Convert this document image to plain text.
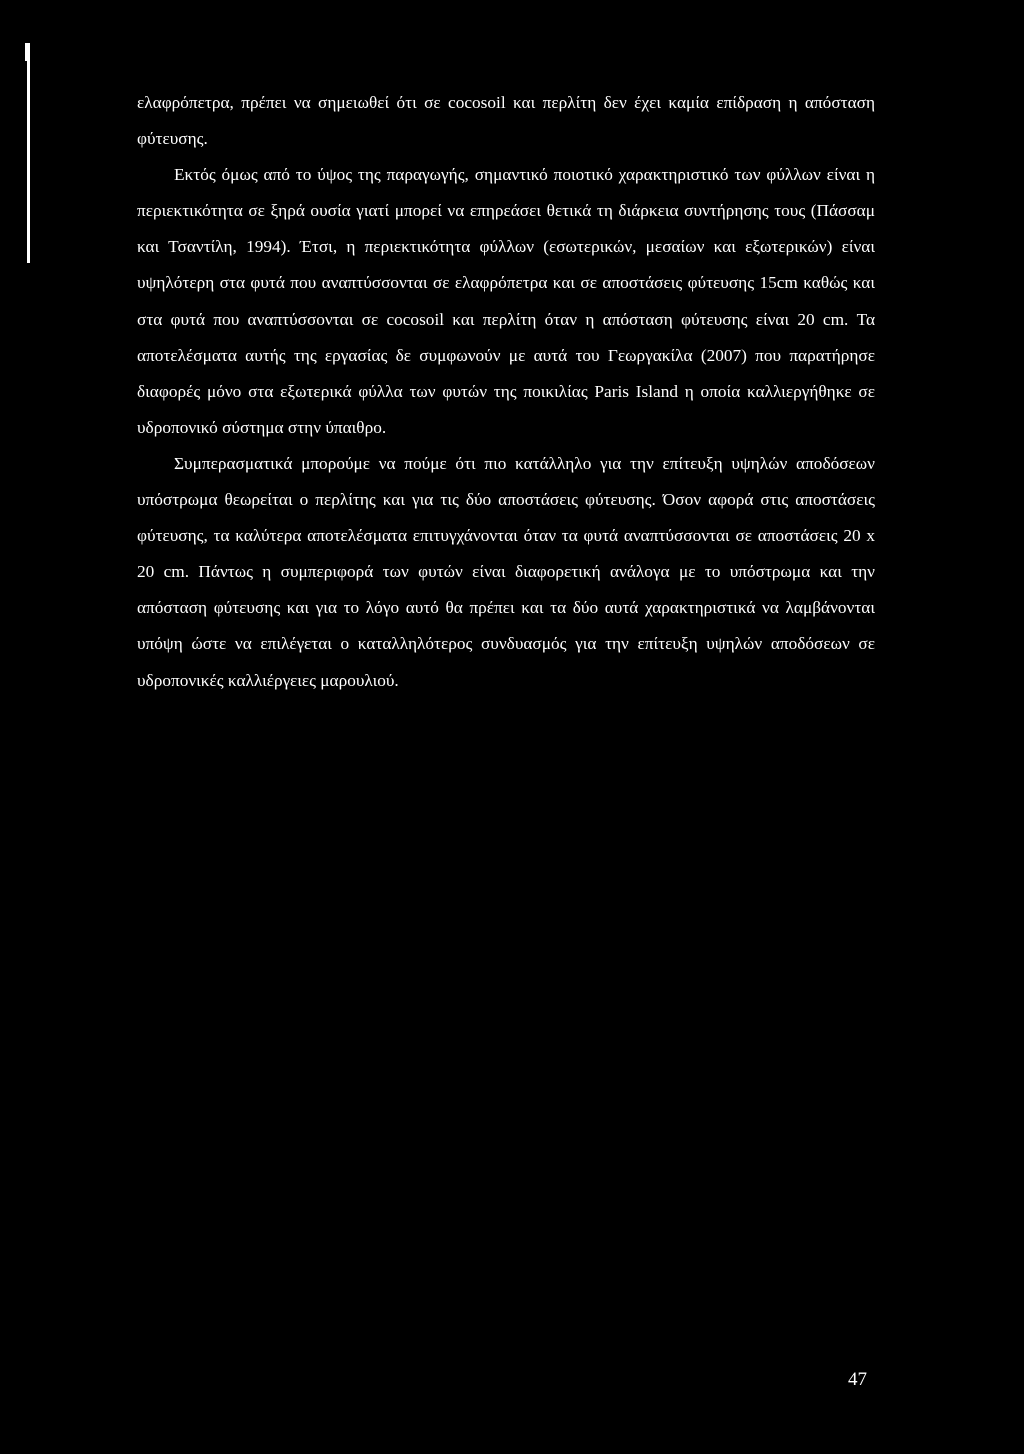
ελαφρόπετρα, πρέπει να σημειωθεί ότι σε cocosoil και περλίτη δεν έχει καμία επίδραση η απόσταση φύτευσης.

Εκτός όμως από το ύψος της παραγωγής, σημαντικό ποιοτικό χαρακτηριστικό των φύλλων είναι η περιεκτικότητα σε ξηρά ουσία γιατί μπορεί να επηρεάσει θετικά τη διάρκεια συντήρησης τους (Πάσσαμ και Τσαντίλη, 1994). Έτσι, η περιεκτικότητα φύλλων (εσωτερικών, μεσαίων και εξωτερικών) είναι υψηλότερη στα φυτά που αναπτύσσονται σε ελαφρόπετρα και σε αποστάσεις φύτευσης 15cm καθώς και στα φυτά που αναπτύσσονται σε cocosoil και περλίτη όταν η απόσταση φύτευσης είναι 20 cm. Τα αποτελέσματα αυτής της εργασίας δε συμφωνούν με αυτά του Γεωργακίλα (2007) που παρατήρησε διαφορές μόνο στα εξωτερικά φύλλα των φυτών της ποικιλίας Paris Island η οποία καλλιεργήθηκε σε υδροπονικό σύστημα στην ύπαιθρο.

Συμπερασματικά μπορούμε να πούμε ότι πιο κατάλληλο για την επίτευξη υψηλών αποδόσεων υπόστρωμα θεωρείται ο περλίτης και για τις δύο αποστάσεις φύτευσης. Όσον αφορά στις αποστάσεις φύτευσης, τα καλύτερα αποτελέσματα επιτυγχάνονται όταν τα φυτά αναπτύσσονται σε αποστάσεις 20 x 20 cm. Πάντως η συμπεριφορά των φυτών είναι διαφορετική ανάλογα με το υπόστρωμα και την απόσταση φύτευσης και για το λόγο αυτό θα πρέπει και τα δύο αυτά χαρακτηριστικά να λαμβάνονται υπόψη ώστε να επιλέγεται ο καταλληλότερος συνδυασμός για την επίτευξη υψηλών αποδόσεων σε υδροπονικές καλλιέργειες μαρουλιού.

47
